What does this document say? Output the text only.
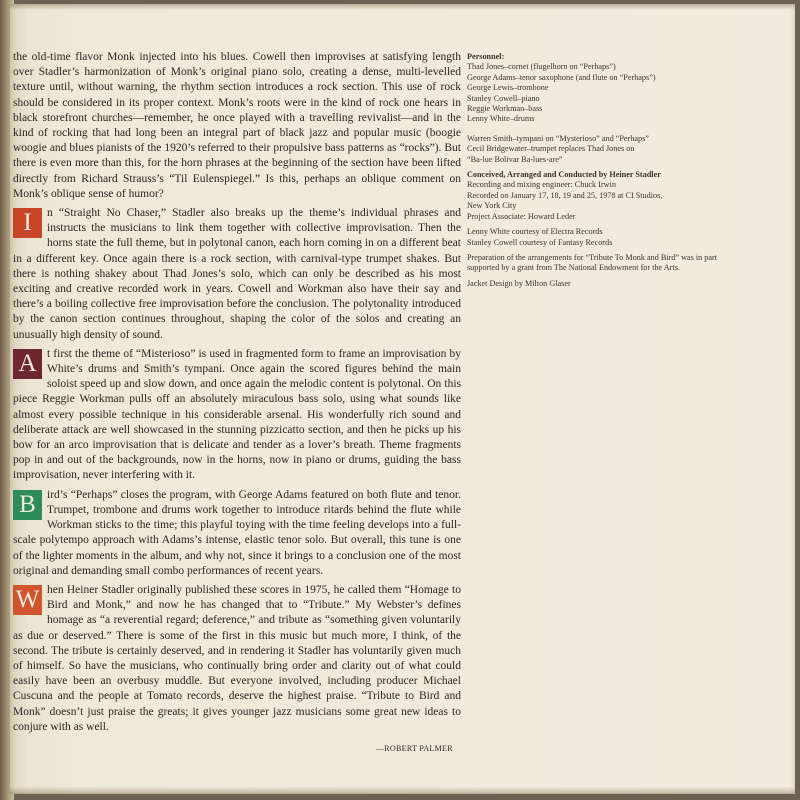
the old-time flavor Monk injected into his blues. Cowell then improvises at satisfying length over Stadler’s harmonization of Monk’s original piano solo, creating a dense, multi-levelled texture until, without warning, the rhythm section introduces a rock section. This use of rock should be considered in its proper context. Monk’s roots were in the kind of rock one hears in black storefront churches—remember, he once played with a travelling revivalist—and in the kind of rocking that had long been an integral part of black jazz and popular music (boogie woogie and blues pianists of the 1920’s referred to their propulsive bass patterns as “rocks”). But there is even more than this, for the horn phrases at the beginning of the section have been lifted directly from Richard Strauss’s “Til Eulenspiegel.” Is this, perhaps an oblique comment on Monk’s oblique sense of humor?

I	n “Straight No Chaser,” Stadler also breaks up the theme’s individual phrases and instructs the musicians to link them together with collective improvisation. Then the horns state the full theme, but in polytonal canon, each horn coming in on a different beat in a different key. Once again there is a rock section, with carnival-type trumpet shakes. But there is nothing shakey about Thad Jones’s solo, which can only be described as his most exciting and creative recorded work in years. Cowell and Workman also have their say and there’s a boiling collective free improvisation before the conclusion. The polytonality introduced by the canon section continues throughout, shaping the color of the solos and creating an unusually high density of sound.

A t first the theme of “Misterioso” is used in fragmented form to frame an improvisation by White’s drums and Smith’s tympani. Once again the scored figures behind the main soloist speed up and slow down, and once again the melodic content is polytonal. On this piece Reggie Workman pulls off an absolutely miraculous bass solo, using what sounds like almost every possible technique in his considerable arsenal. His wonderfully rich sound and deliberate attack are well showcased in the stunning pizzicatto section, and then he picks up his bow for an arco improvisation that is delicate and tender as a lover’s breath. Theme fragments pop in and out of the backgrounds, now in the horns, now in piano or drums, guiding the bass improvisation, never interfering with it.

B ird’s “Perhaps” closes the program, with George Adams featured on both flute and tenor. Trumpet, trombone and drums work together to introduce ritards behind the flute while Workman sticks to the time; this playful toying with the time feeling develops into a full-scale polytempo approach with Adams’s intense, elastic tenor solo. But overall, this tune is one of the lighter moments in the album, and why not, since it brings to a conclusion one of the most original and demanding small combo performances of recent years.

W hen Heiner Stadler originally published these scores in 1975, he called them “Homage to Bird and Monk,” and now he has changed that to “Tribute.” My Webster’s defines homage as “a reverential regard; deference,” and tribute as “something given voluntarily as due or deserved.” There is some of the first in this music but much more, I think, of the second. The tribute is certainly deserved, and in rendering it Stadler has voluntarily given much of himself. So have the musicians, who continually bring order and clarity out of what could easily have been an overbusy muddle. But everyone involved, including producer Michael Cuscuna and the people at Tomato records, deserve the highest praise. “Tribute to Bird and Monk” doesn’t just praise the greats; it gives younger jazz musicians some great new ideas to conjure with as well.

—ROBERT PALMER
Personnel:
Thad Jones–cornet (flugelhorn on “Perhaps”)
George Adams–tenor saxophone (and flute on “Perhaps”)
George Lewis–trombone
Stanley Cowell–piano
Reggie Workman–bass
Lenny White–drums
Warren Smith–tympani on “Mysterioso” and “Perhaps”
Cecil Bridgewater–trumpet replaces Thad Jones on
“Ba-lue Bolivar Ba-lues-are”
Conceived, Arranged and Conducted by Heiner Stadler
Recording and mixing engineer: Chuck Irwin
Recorded on January 17, 18, 19 and 25, 1978 at CI Studios,
New York City
Project Associate: Howard Leder
Lenny White courtesy of Electra Records
Stanley Cowell courtesy of Fantasy Records
Preparation of the arrangements for “Tribute To Monk and Bird” was in part supported by a grant from The National Endowment for the Arts.
Jacket Design by Milton Glaser
